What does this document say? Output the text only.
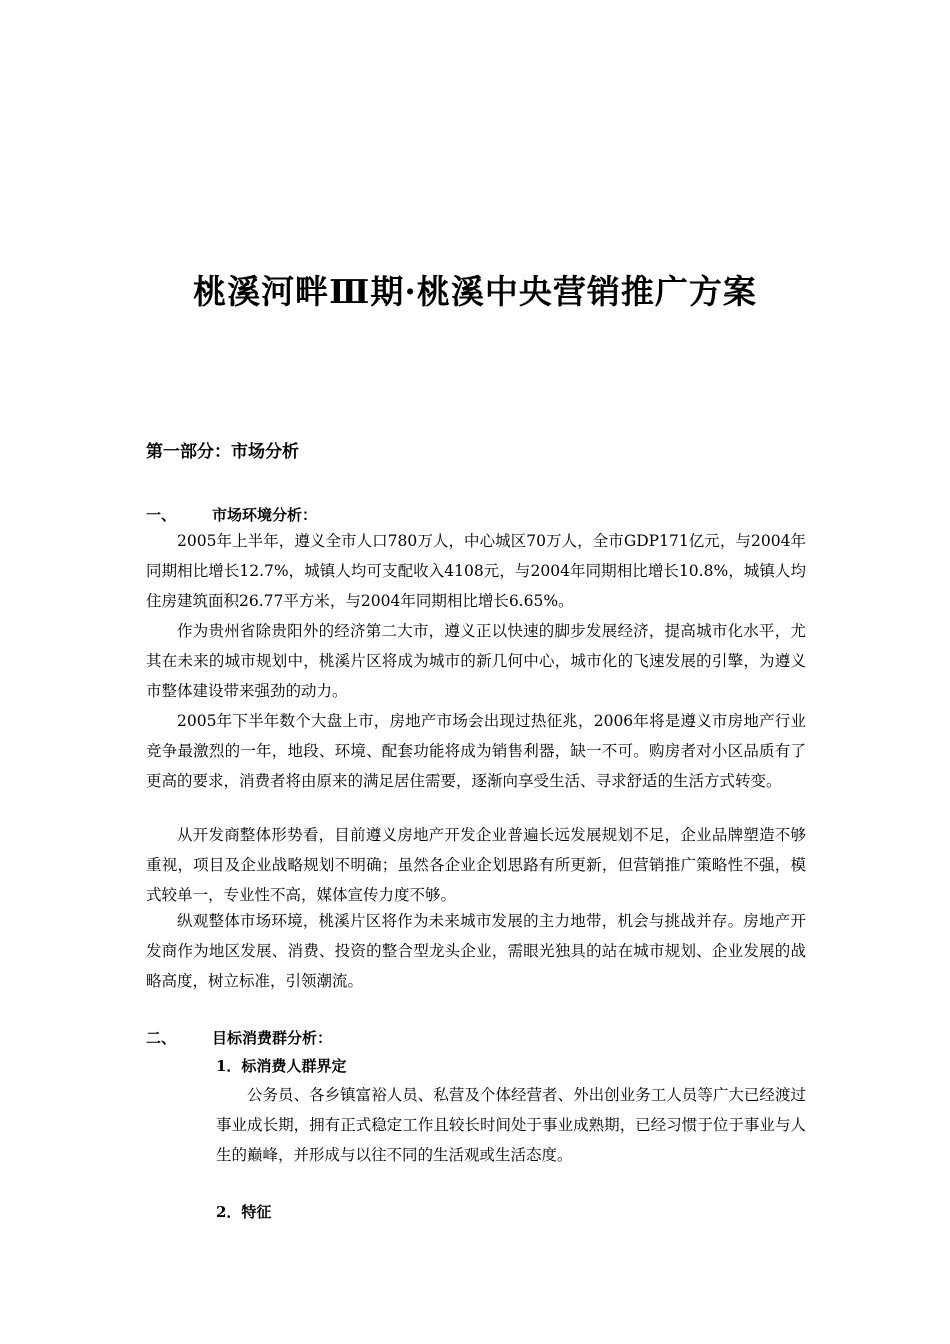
桃溪河畔Ⅲ期·桃溪中央营销推广方案
第一部分：市场分析
一、 市场环境分析：

2005年上半年，遵义全市人口780万人，中心城区70万人，全市GDP171亿元，与2004年同期相比增长12.7%，城镇人均可支配收入4108元，与2004年同期相比增长10.8%，城镇人均住房建筑面积26.77平方米，与2004年同期相比增长6.65%。

作为贵州省除贵阳外的经济第二大市，遵义正以快速的脚步发展经济，提高城市化水平，尤其在未来的城市规划中，桃溪片区将成为城市的新几何中心，城市化的飞速发展的引擎，为遵义市整体建设带来强劲的动力。

2005年下半年数个大盘上市，房地产市场会出现过热征兆，2006年将是遵义市房地产行业竞争最激烈的一年，地段、环境、配套功能将成为销售利器，缺一不可。购房者对小区品质有了更高的要求，消费者将由原来的满足居住需要，逐渐向享受生活、寻求舒适的生活方式转变。

从开发商整体形势看，目前遵义房地产开发企业普遍长远发展规划不足，企业品牌塑造不够重视，项目及企业战略规划不明确；虽然各企业企划思路有所更新，但营销推广策略性不强，模式较单一，专业性不高，媒体宣传力度不够。

纵观整体市场环境，桃溪片区将作为未来城市发展的主力地带，机会与挑战并存。房地产开发商作为地区发展、消费、投资的整合型龙头企业，需眼光独具的站在城市规划、企业发展的战略高度，树立标准，引领潮流。

二、 目标消费群分析：
1．标消费人群界定

公务员、各乡镇富裕人员、私营及个体经营者、外出创业务工人员等广大已经渡过事业成长期，拥有正式稳定工作且较长时间处于事业成熟期，已经习惯于位于事业与人生的巅峰，并形成与以往不同的生活观或生活态度。

2．特征
